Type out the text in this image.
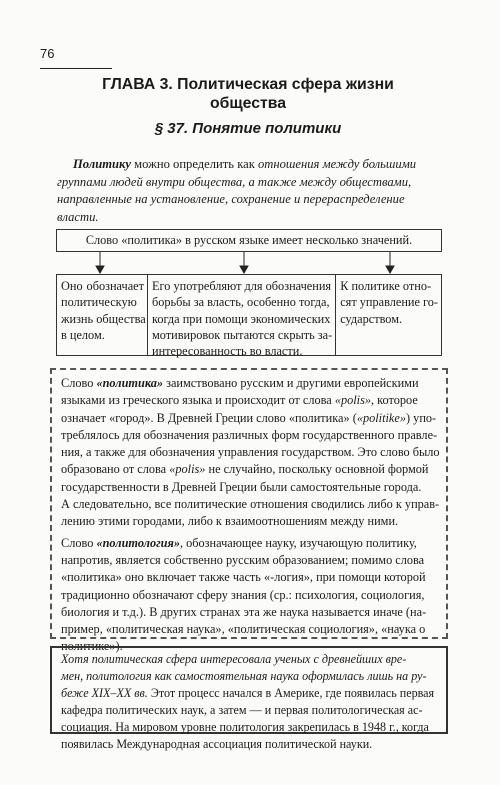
76
ГЛАВА 3. Политическая сфера жизни
общества
§ 37. Понятие политики
Политику можно определить как отношения между большими
группами людей внутри общества, а также между обществами,
направленные на установление, сохранение и перераспределение
власти.
Слово «политика» в русском языке имеет несколько значений.
Оно обозначает
политическую
жизнь общества
в целом.
Его употребляют для обозначения
борьбы за власть, особенно тогда,
когда при помощи экономических
мотивировок пытаются скрыть за-
интересованность во власти.
К политике отно-
сят управление го-
сударством.

Слово «политика» заимствовано русским и другими европейскими
языками из греческого языка и происходит от слова «polis», которое
означает «город». В Древней Греции слово «политика» («politike») упо-
треблялось для обозначения различных форм государственного правле-
ния, а также для обозначения управления государством. Это слово было
образовано от слова «polis» не случайно, поскольку основной формой
государственности в Древней Греции были самостоятельные города.
А следовательно, все политические отношения сводились либо к управ-
лению этими городами, либо к взаимоотношениям между ними.

Слово «политология», обозначающее науку, изучающую политику,
напротив, является собственно русским образованием; помимо слова
«политика» оно включает также часть «-логия», при помощи которой
традиционно обозначают сферу знания (ср.: психология, социология,
биология и т.д.). В других странах эта же наука называется иначе (на-
пример, «политическая наука», «политическая социология», «наука о
политике»).

Хотя политическая сфера интересовала ученых с древнейших вре-
мен, политология как самостоятельная наука оформилась лишь на ру-
беже XIX–XX вв. Этот процесс начался в Америке, где появилась первая
кафедра политических наук, а затем — и первая политологическая ас-
социация. На мировом уровне политология закрепилась в 1948 г., когда
появилась Международная ассоциация политической науки.
